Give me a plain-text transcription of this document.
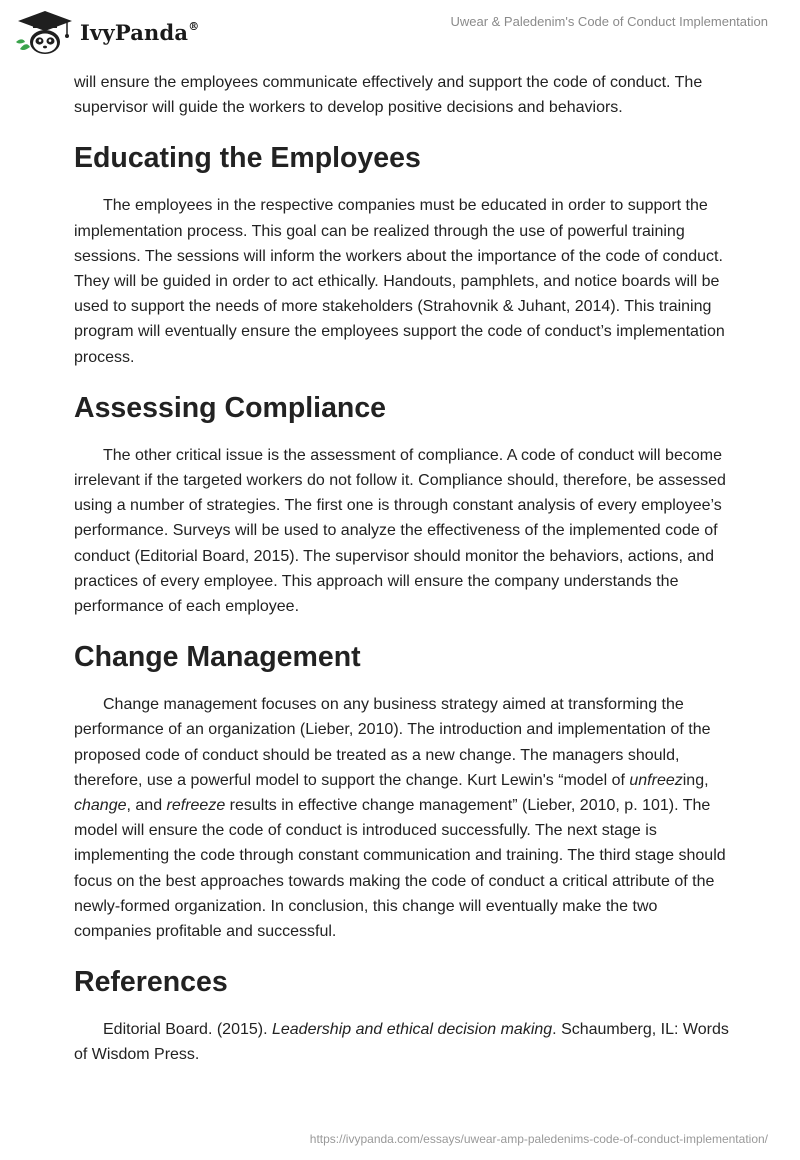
IvyPanda®	Uwear & Paledenim's Code of Conduct Implementation

will ensure the employees communicate effectively and support the code of conduct. The supervisor will guide the workers to develop positive decisions and behaviors.

Educating the Employees

The employees in the respective companies must be educated in order to support the implementation process. This goal can be realized through the use of powerful training sessions. The sessions will inform the workers about the importance of the code of conduct. They will be guided in order to act ethically. Handouts, pamphlets, and notice boards will be used to support the needs of more stakeholders (Strahovnik & Juhant, 2014). This training program will eventually ensure the employees support the code of conduct’s implementation process.

Assessing Compliance

The other critical issue is the assessment of compliance. A code of conduct will become irrelevant if the targeted workers do not follow it. Compliance should, therefore, be assessed using a number of strategies. The first one is through constant analysis of every employee’s performance. Surveys will be used to analyze the effectiveness of the implemented code of conduct (Editorial Board, 2015). The supervisor should monitor the behaviors, actions, and practices of every employee. This approach will ensure the company understands the performance of each employee.

Change Management

Change management focuses on any business strategy aimed at transforming the performance of an organization (Lieber, 2010). The introduction and implementation of the proposed code of conduct should be treated as a new change. The managers should, therefore, use a powerful model to support the change. Kurt Lewin's “model of unfreezing, change, and refreeze results in effective change management” (Lieber, 2010, p. 101). The model will ensure the code of conduct is introduced successfully. The next stage is implementing the code through constant communication and training. The third stage should focus on the best approaches towards making the code of conduct a critical attribute of the newly-formed organization. In conclusion, this change will eventually make the two companies profitable and successful.

References

Editorial Board. (2015). Leadership and ethical decision making. Schaumberg, IL: Words of Wisdom Press.

https://ivypanda.com/essays/uwear-amp-paledenims-code-of-conduct-implementation/
